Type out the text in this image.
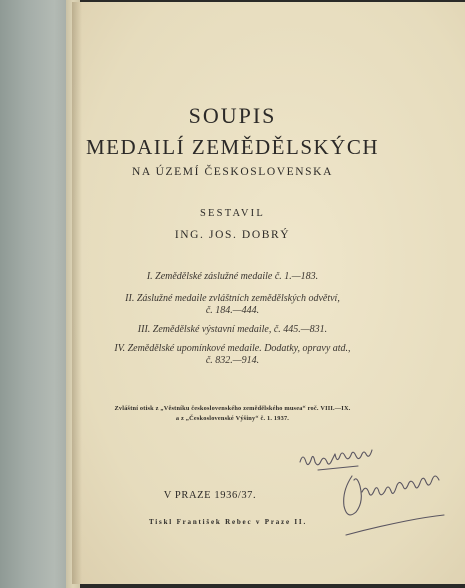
SOUPIS

MEDAILÍ ZEMĚDĚLSKÝCH

NA ÚZEMÍ ČESKOSLOVENSKA

SESTAVIL

ING. JOS. DOBRÝ

I. Zemědělské záslužné medaile č. 1.—183.

II. Záslužné medaile zvláštních zemědělských odvětví,

č. 184.—444.

III. Zemědělské výstavní medaile, č. 445.—831.

IV. Zemědělské upomínkové medaile. Dodatky, opravy atd.,

č. 832.—914.

Zvláštní otisk z „Věstníku československého zemědělského musea“ roč. VIII.—IX.

a z „Československé Výšiny“ č. 1. 1937.

V PRAZE 1936/37.

Tiskl František Rebec v Praze II.
